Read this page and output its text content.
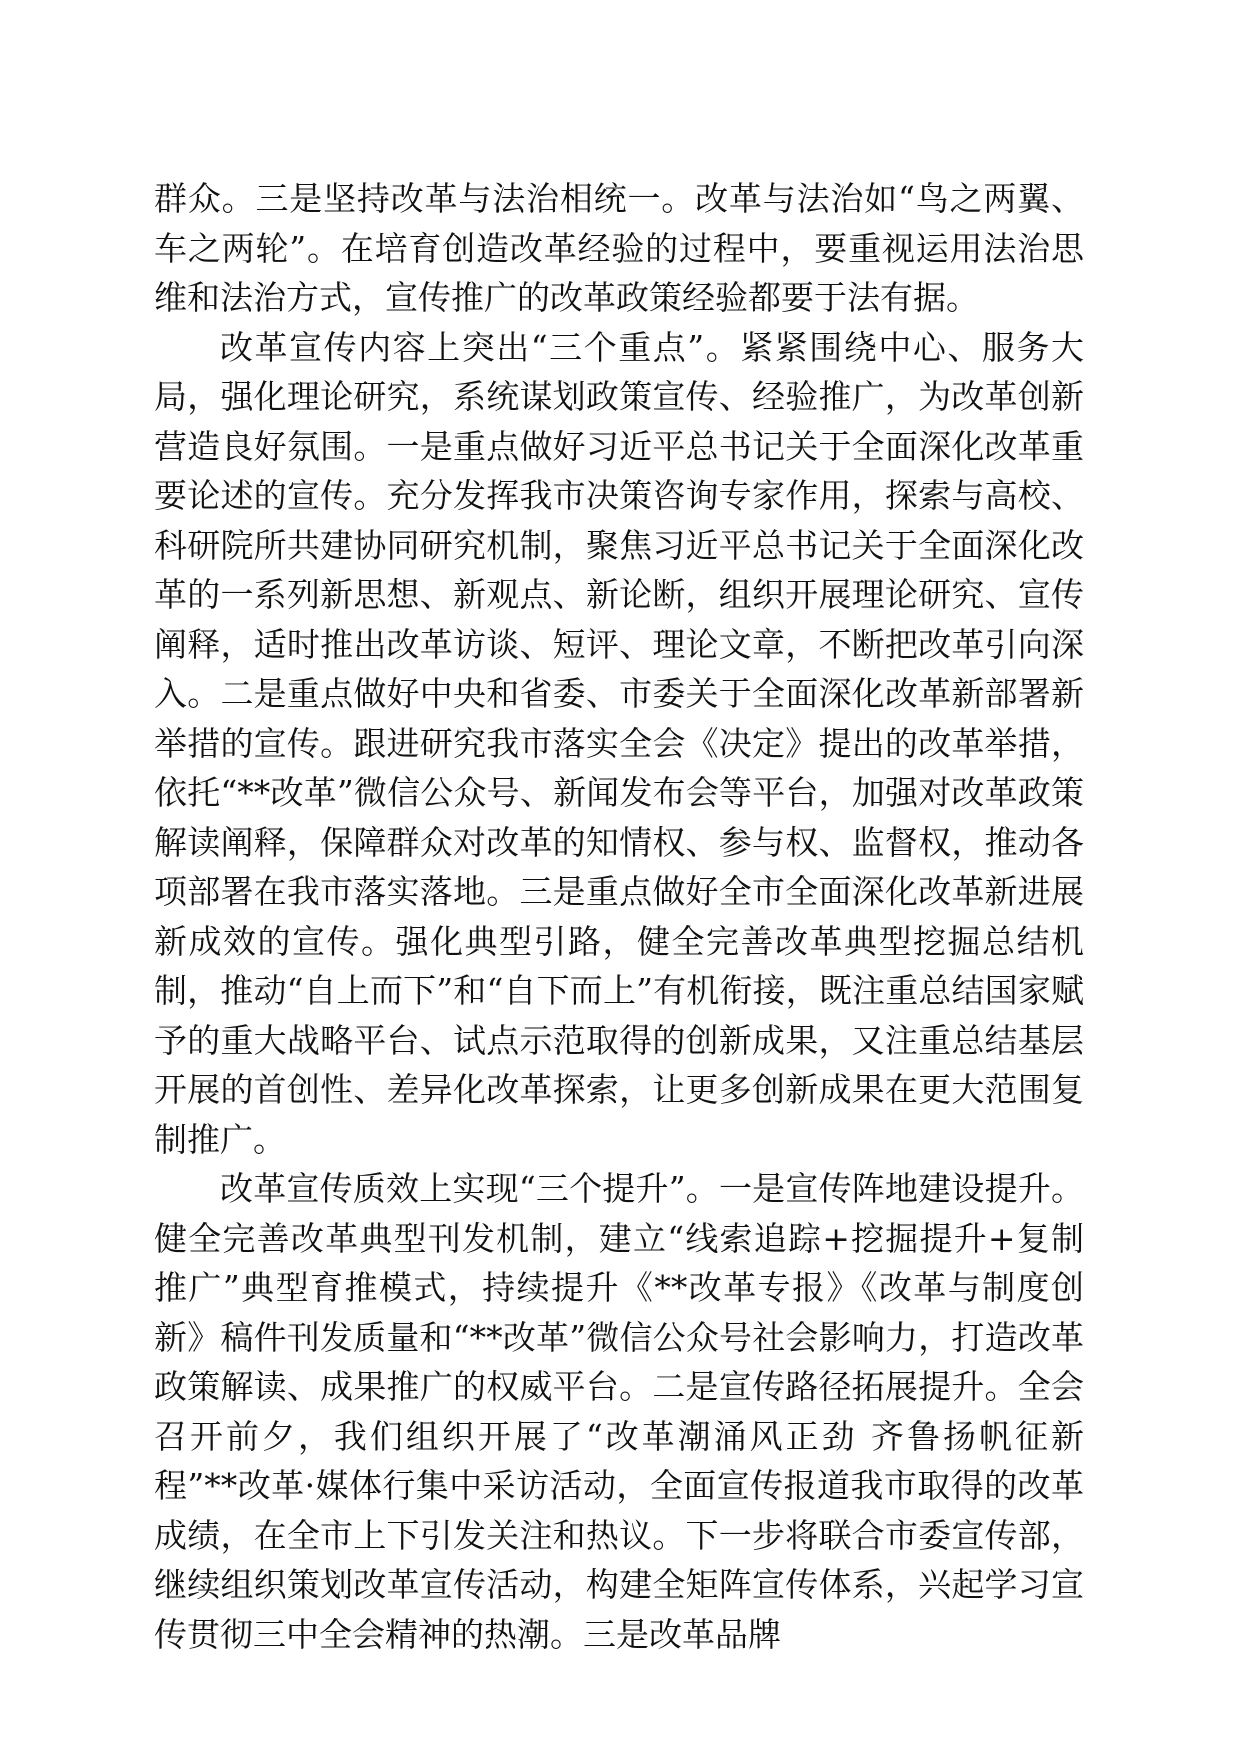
群众。三是坚持改革与法治相统一。改革与法治如“鸟之两翼、车之两轮”。在培育创造改革经验的过程中，要重视运用法治思维和法治方式，宣传推广的改革政策经验都要于法有据。

改革宣传内容上突出“三个重点”。紧紧围绕中心、服务大局，强化理论研究，系统谋划政策宣传、经验推广，为改革创新营造良好氛围。一是重点做好习近平总书记关于全面深化改革重要论述的宣传。充分发挥我市决策咨询专家作用，探索与高校、科研院所共建协同研究机制，聚焦习近平总书记关于全面深化改革的一系列新思想、新观点、新论断，组织开展理论研究、宣传阐释，适时推出改革访谈、短评、理论文章，不断把改革引向深入。二是重点做好中央和省委、市委关于全面深化改革新部署新举措的宣传。跟进研究我市落实全会《决定》提出的改革举措，依托“**改革”微信公众号、新闻发布会等平台，加强对改革政策解读阐释，保障群众对改革的知情权、参与权、监督权，推动各项部署在我市落实落地。三是重点做好全市全面深化改革新进展新成效的宣传。强化典型引路，健全完善改革典型挖掘总结机制，推动“自上而下”和“自下而上”有机衔接，既注重总结国家赋予的重大战略平台、试点示范取得的创新成果，又注重总结基层开展的首创性、差异化改革探索，让更多创新成果在更大范围复制推广。

改革宣传质效上实现“三个提升”。一是宣传阵地建设提升。健全完善改革典型刊发机制，建立“线索追踪+挖掘提升+复制推广”典型育推模式，持续提升《**改革专报》《改革与制度创新》稿件刊发质量和“**改革”微信公众号社会影响力，打造改革政策解读、成果推广的权威平台。二是宣传路径拓展提升。全会召开前夕，我们组织开展了“改革潮涌风正劲 齐鲁扬帆征新程”**改革·媒体行集中采访活动，全面宣传报道我市取得的改革成绩，在全市上下引发关注和热议。下一步将联合市委宣传部，继续组织策划改革宣传活动，构建全矩阵宣传体系，兴起学习宣传贯彻三中全会精神的热潮。三是改革品牌
